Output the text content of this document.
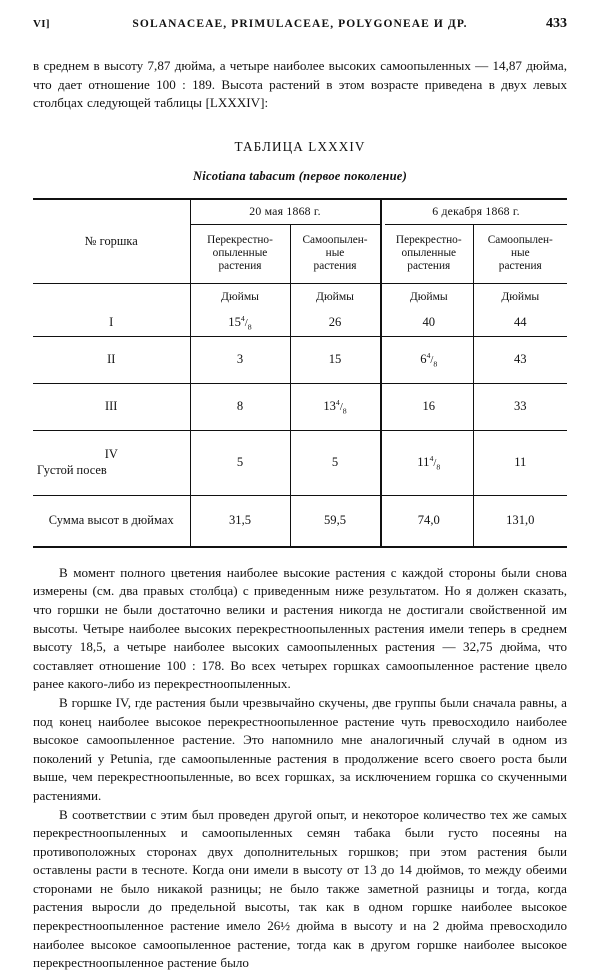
VI]	SOLANACEAE, PRIMULACEAE, POLYGONEAE И ДР.	433

в среднем в высоту 7,87 дюйма, а четыре наиболее высоких самоопыленных — 14,87 дюйма, что дает отношение 100 : 189. Высота растений в этом возрасте приведена в двух левых столбцах следующей таблицы [LXXXIV]:

ТАБЛИЦА LXXXIV
Nicotiana tabacum (первое поколение)
№ горшка	20 мая 1868 г.			6 декабря 1868 г.	
	Перекрестно-
опыленные
растения	Самоопылен-
ные
растения		Перекрестно-
опыленные
растения	Самоопылен-
ные
растения
	Дюймы	Дюймы		Дюймы	Дюймы
I	$15^4/_8$	26		40	44
II	3	15		$6^4/_8$	43
III	8	$13^4/_8$		16	33
IV
Густой посев	5	5		$11^4/_8$	11
Сумма высот в дюймах	31,5	59,5		74,0	131,0

В момент полного цветения наиболее высокие растения с каждой стороны были снова измерены (см. два правых столбца) с приведенным ниже результатом. Но я должен сказать, что горшки не были достаточно велики и растения никогда не достигали свойственной им высоты. Четыре наиболее высоких перекрестноопыленных растения имели теперь в среднем высоту 18,5, а четыре наиболее высоких самоопыленных растения — 32,75 дюйма, что составляет отношение 100 : 178. Во всех четырех горшках самоопыленное растение цвело ранее какого-либо из перекрестноопыленных.

В горшке IV, где растения были чрезвычайно скучены, две группы были сначала равны, а под конец наиболее высокое перекрестноопыленное растение чуть превосходило наиболее высокое самоопыленное растение. Это напомнило мне аналогичный случай в одном из поколений у Petunia, где самоопыленные растения в продолжение всего своего роста были выше, чем перекрестноопыленные, во всех горшках, за исключением горшка со скученными растениями.

В соответствии с этим был проведен другой опыт, и некоторое количество тех же самых перекрестноопыленных и самоопыленных семян табака были густо посеяны на противоположных сторонах двух дополнительных горшков; при этом растения были оставлены расти в тесноте. Когда они имели в высоту от 13 до 14 дюймов, то между обеими сторонами не было никакой разницы; не было также заметной разницы и тогда, когда растения выросли до предельной высоты, так как в одном горшке наиболее высокое перекрестноопыленное растение имело 26½ дюйма в высоту и на 2 дюйма превосходило наиболее высокое самоопыленное растение, тогда как в другом горшке наиболее высокое перекрестноопыленное растение было
